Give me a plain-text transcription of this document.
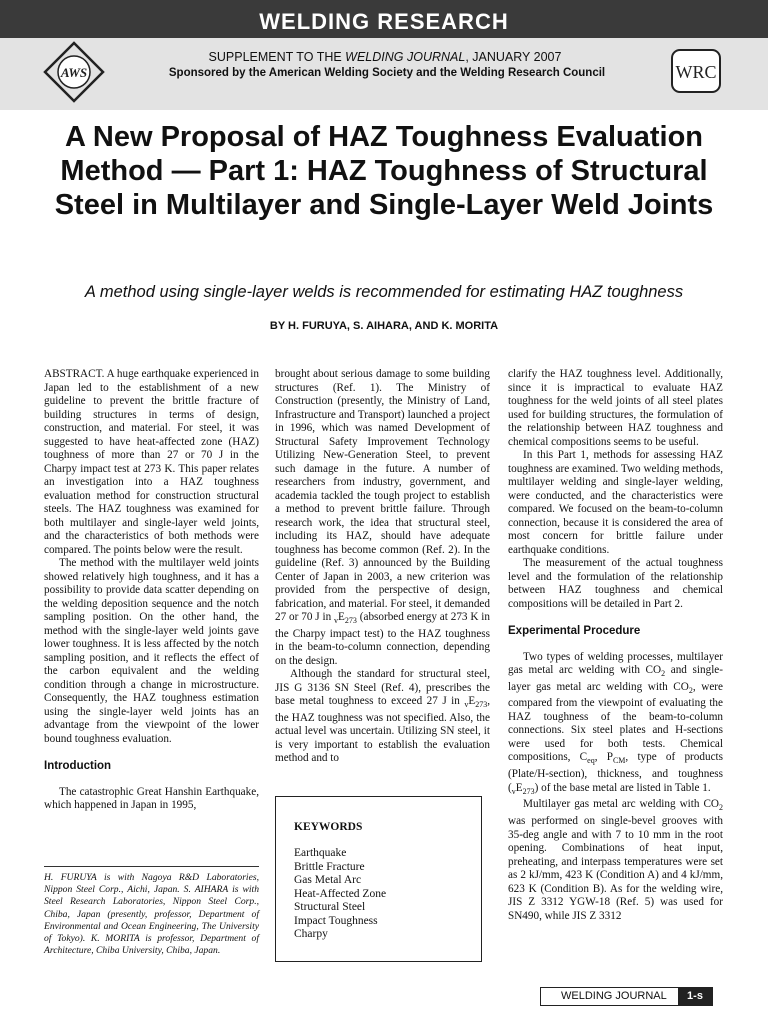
WELDING RESEARCH
AWS
SUPPLEMENT TO THE WELDING JOURNAL, JANUARY 2007
Sponsored by the American Welding Society and the Welding Research Council	WRC
A New Proposal of HAZ Toughness Evaluation Method — Part 1: HAZ Toughness of Structural Steel in Multilayer and Single-Layer Weld Joints
A method using single-layer welds is recommended for estimating HAZ toughness
BY H. FURUYA, S. AIHARA, AND K. MORITA

ABSTRACT. A huge earthquake experienced in Japan led to the establishment of a new guideline to prevent the brittle fracture of building structures in terms of design, construction, and material. For steel, it was suggested to have heat-affected zone (HAZ) toughness of more than 27 or 70 J in the Charpy impact test at 273 K. This paper relates an investigation into a HAZ toughness evaluation method for construction structural steels. The HAZ toughness was examined for both multilayer and single-layer weld joints, and the characteristics of both methods were compared. The points below were the result.

The method with the multilayer weld joints showed relatively high toughness, and it has a possibility to provide data scatter depending on the welding deposition sequence and the notch sampling position. On the other hand, the method with the single-layer weld joints gave lower toughness. It is less affected by the notch sampling position, and it reflects the effect of the carbon equivalent and the welding condition through a change in microstructure. Consequently, the HAZ toughness estimation using the single-layer weld joints has an advantage from the viewpoint of the lower bound toughness evaluation.

Introduction

The catastrophic Great Hanshin Earthquake, which happened in Japan in 1995,

H. FURUYA is with Nagoya R&D Laboratories, Nippon Steel Corp., Aichi, Japan. S. AIHARA is with Steel Research Laboratories, Nippon Steel Corp., Chiba, Japan (presently, professor, Department of Environmental and Ocean Engineering, The University of Tokyo). K. MORITA is professor, Department of Architecture, Chiba University, Chiba, Japan.

brought about serious damage to some building structures (Ref. 1). The Ministry of Construction (presently, the Ministry of Land, Infrastructure and Transport) launched a project in 1996, which was named Development of Structural Safety Improvement Technology Utilizing New-Generation Steel, to prevent such damage in the future. A number of researchers from industry, government, and academia tackled the tough project to establish a method to prevent brittle failure. Through research work, the idea that structural steel, including its HAZ, should have adequate toughness has become common (Ref. 2). In the guideline (Ref. 3) announced by the Building Center of Japan in 2003, a new criterion was provided from the perspective of design, fabrication, and material. For steel, it demanded 27 or 70 J in $_vE_{273}$ (absorbed energy at 273 K in the Charpy impact test) to the HAZ toughness in the beam-to-column connection, depending on the design.

Although the standard for structural steel, JIS G 3136 SN Steel (Ref. 4), prescribes the base metal toughness to exceed 27 J in $_vE_{273}$, the HAZ toughness was not specified. Also, the actual level was uncertain. Utilizing SN steel, it is very important to establish the evaluation method and to

KEYWORDS
Earthquake
Brittle Fracture
Gas Metal Arc
Heat-Affected Zone
Structural Steel
Impact Toughness
Charpy

clarify the HAZ toughness level. Additionally, since it is impractical to evaluate HAZ toughness for the weld joints of all steel plates used for building structures, the formulation of the relationship between HAZ toughness and chemical compositions seems to be useful.

In this Part 1, methods for assessing HAZ toughness are examined. Two welding methods, multilayer welding and single-layer welding, were conducted, and the characteristics were compared. We focused on the beam-to-column connection, because it is considered the area of most concern for brittle failure under earthquake conditions.

The measurement of the actual toughness level and the formulation of the relationship between HAZ toughness and chemical compositions will be detailed in Part 2.

Experimental Procedure

Two types of welding processes, multilayer gas metal arc welding with $CO_2$ and single-layer gas metal arc welding with $CO_2$, were compared from the viewpoint of evaluating the HAZ toughness of the beam-to-column connections. Six steel plates and H-sections were used for both tests. Chemical compositions, $C_{eq}$, $P_{CM}$, type of products (Plate/H-section), thickness, and toughness $(_vE_{273})$ of the base metal are listed in Table 1.

Multilayer gas metal arc welding with $CO_2$ was performed on single-bevel grooves with 35-deg angle and with 7 to 10 mm in the root opening. Combinations of heat input, preheating, and interpass temperatures were set as 2 kJ/mm, 423 K (Condition A) and 4 kJ/mm, 623 K (Condition B). As for the welding wire, JIS Z 3312 YGW-18 (Ref. 5) was used for SN490, while JIS Z 3312

WELDING JOURNAL	1-s
